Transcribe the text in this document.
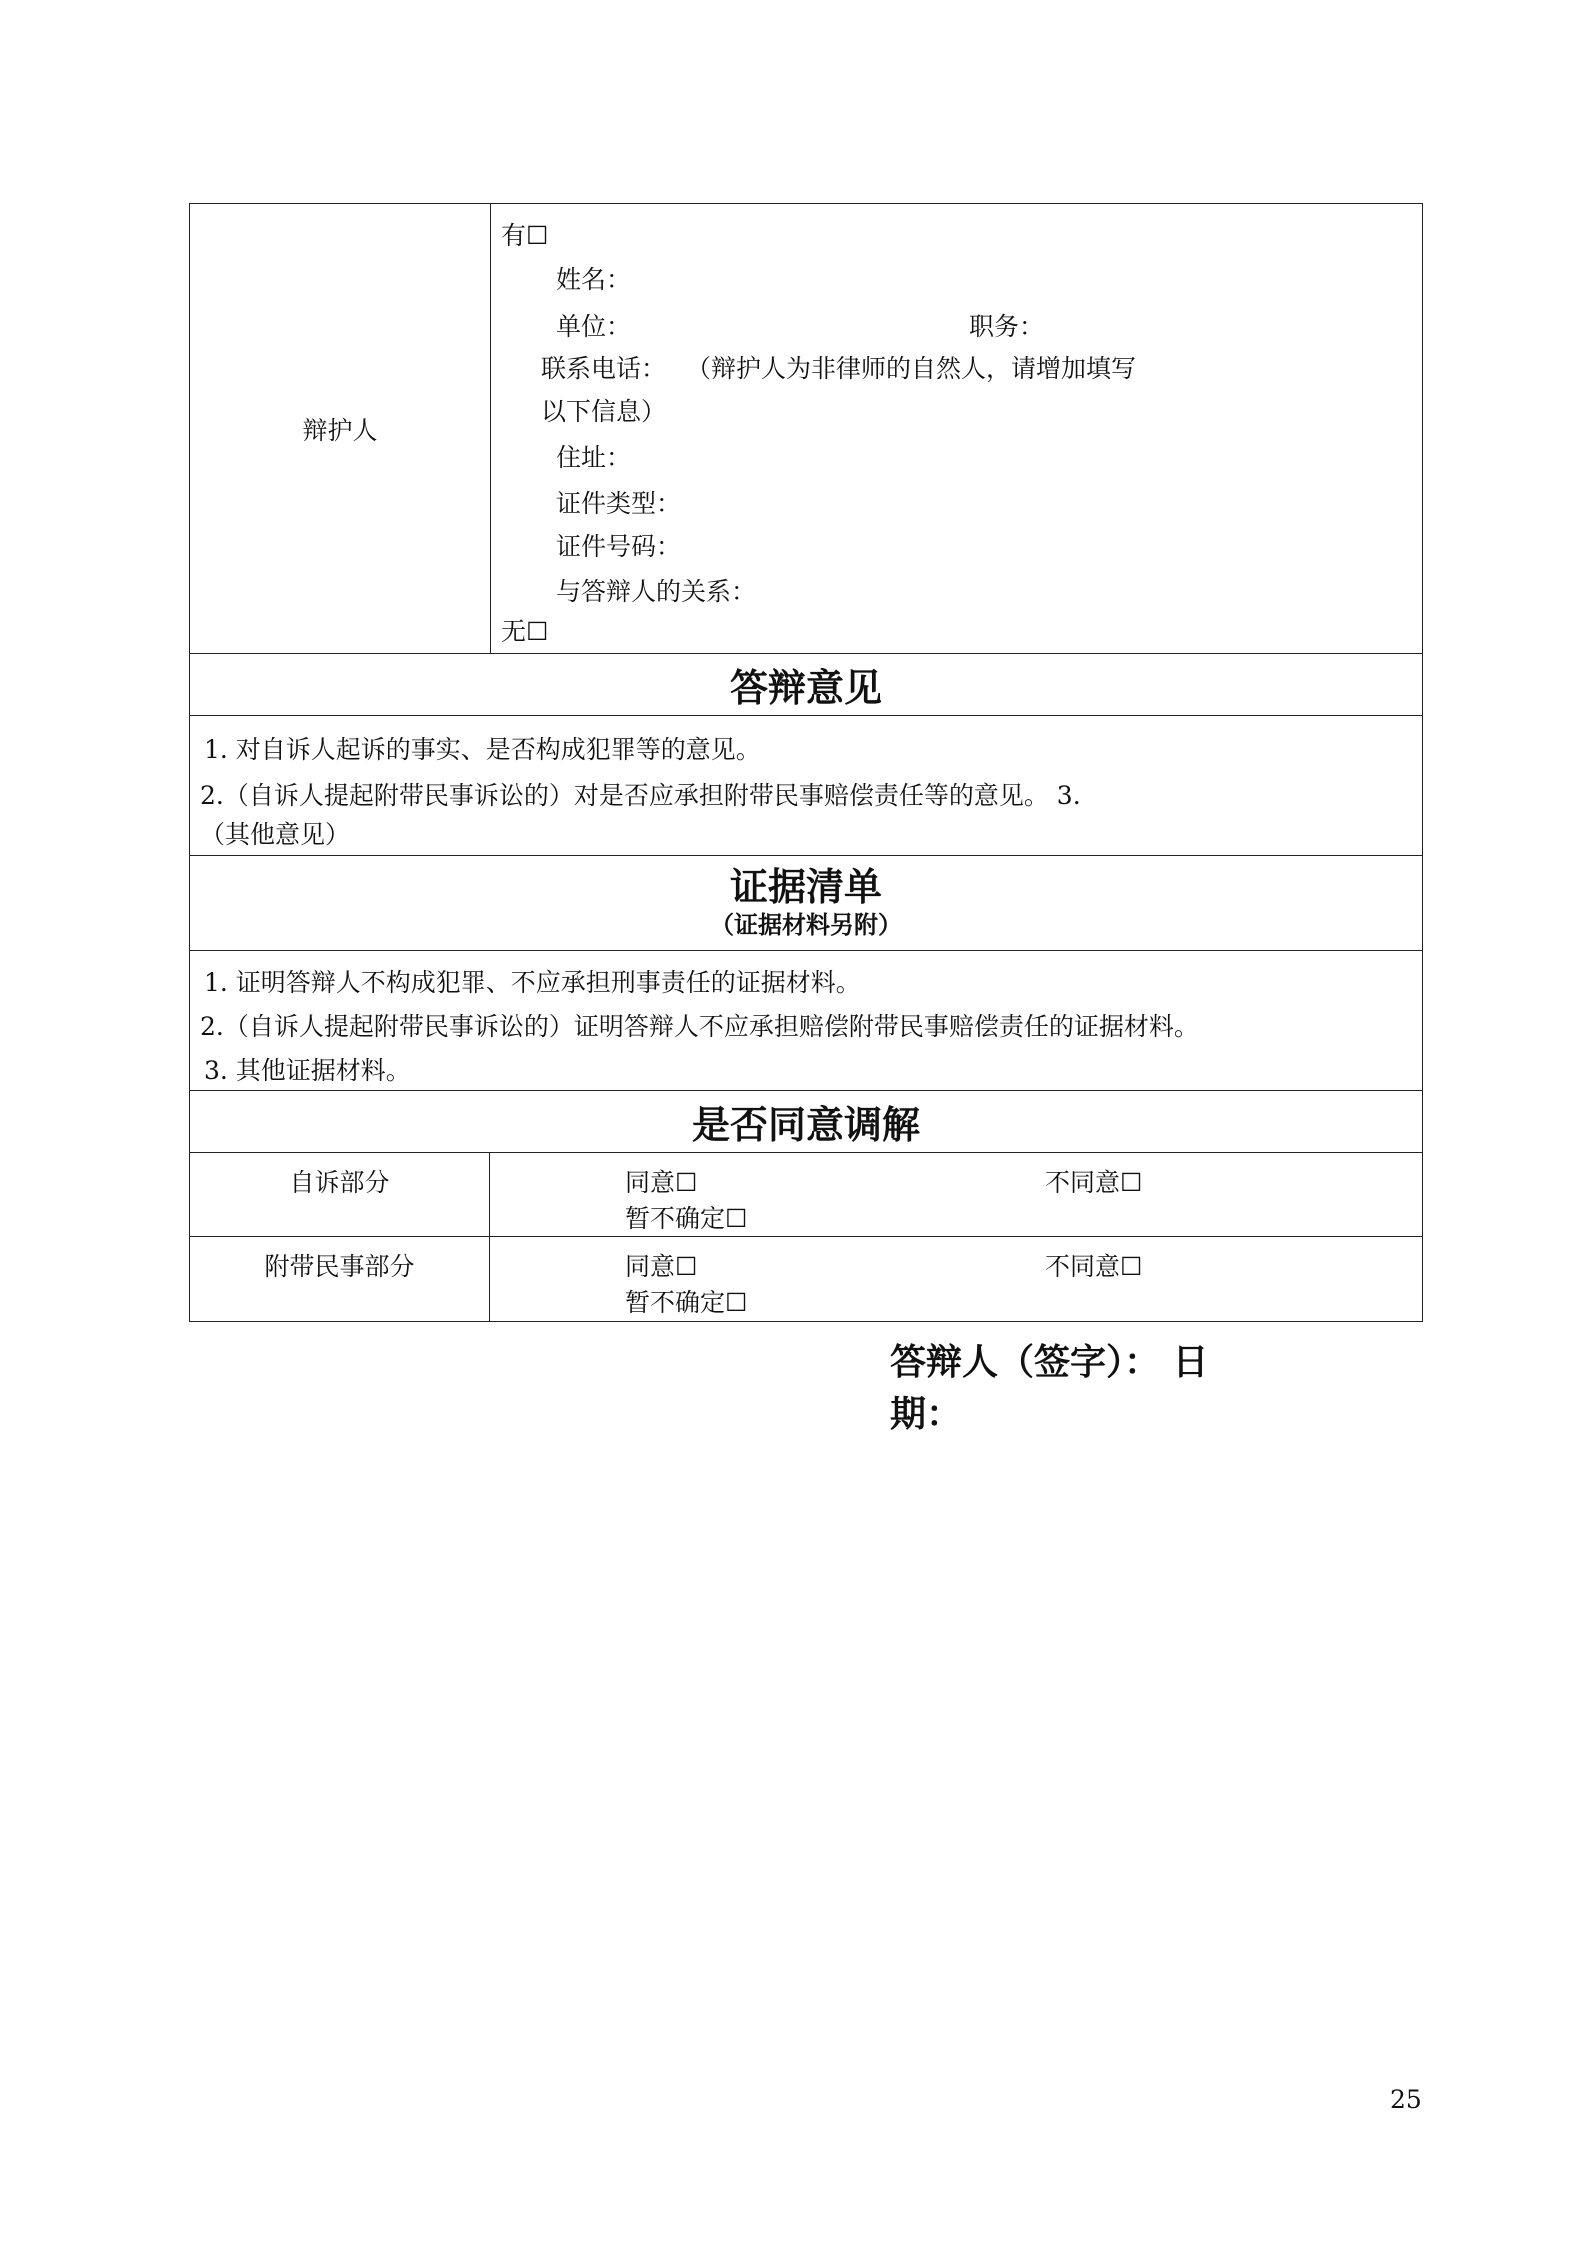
辩护人
有☐
姓名：
单位：	职务：
联系电话： （辩护人为非律师的自然人，请增加填写
以下信息）
住址：
证件类型：
证件号码：
与答辩人的关系：
无☐
答辩意见
1. 对自诉人起诉的事实、是否构成犯罪等的意见。
2.（自诉人提起附带民事诉讼的）对是否应承担附带民事赔偿责任等的意见。 3.
（其他意见）
证据清单
（证据材料另附）
1. 证明答辩人不构成犯罪、不应承担刑事责任的证据材料。
2.（自诉人提起附带民事诉讼的）证明答辩人不应承担赔偿附带民事赔偿责任的证据材料。
3. 其他证据材料。
是否同意调解
自诉部分	同意☐	不同意☐
暂不确定☐
附带民事部分	同意☐	不同意☐
暂不确定☐
答辩人（签字）： 日
期：
25
